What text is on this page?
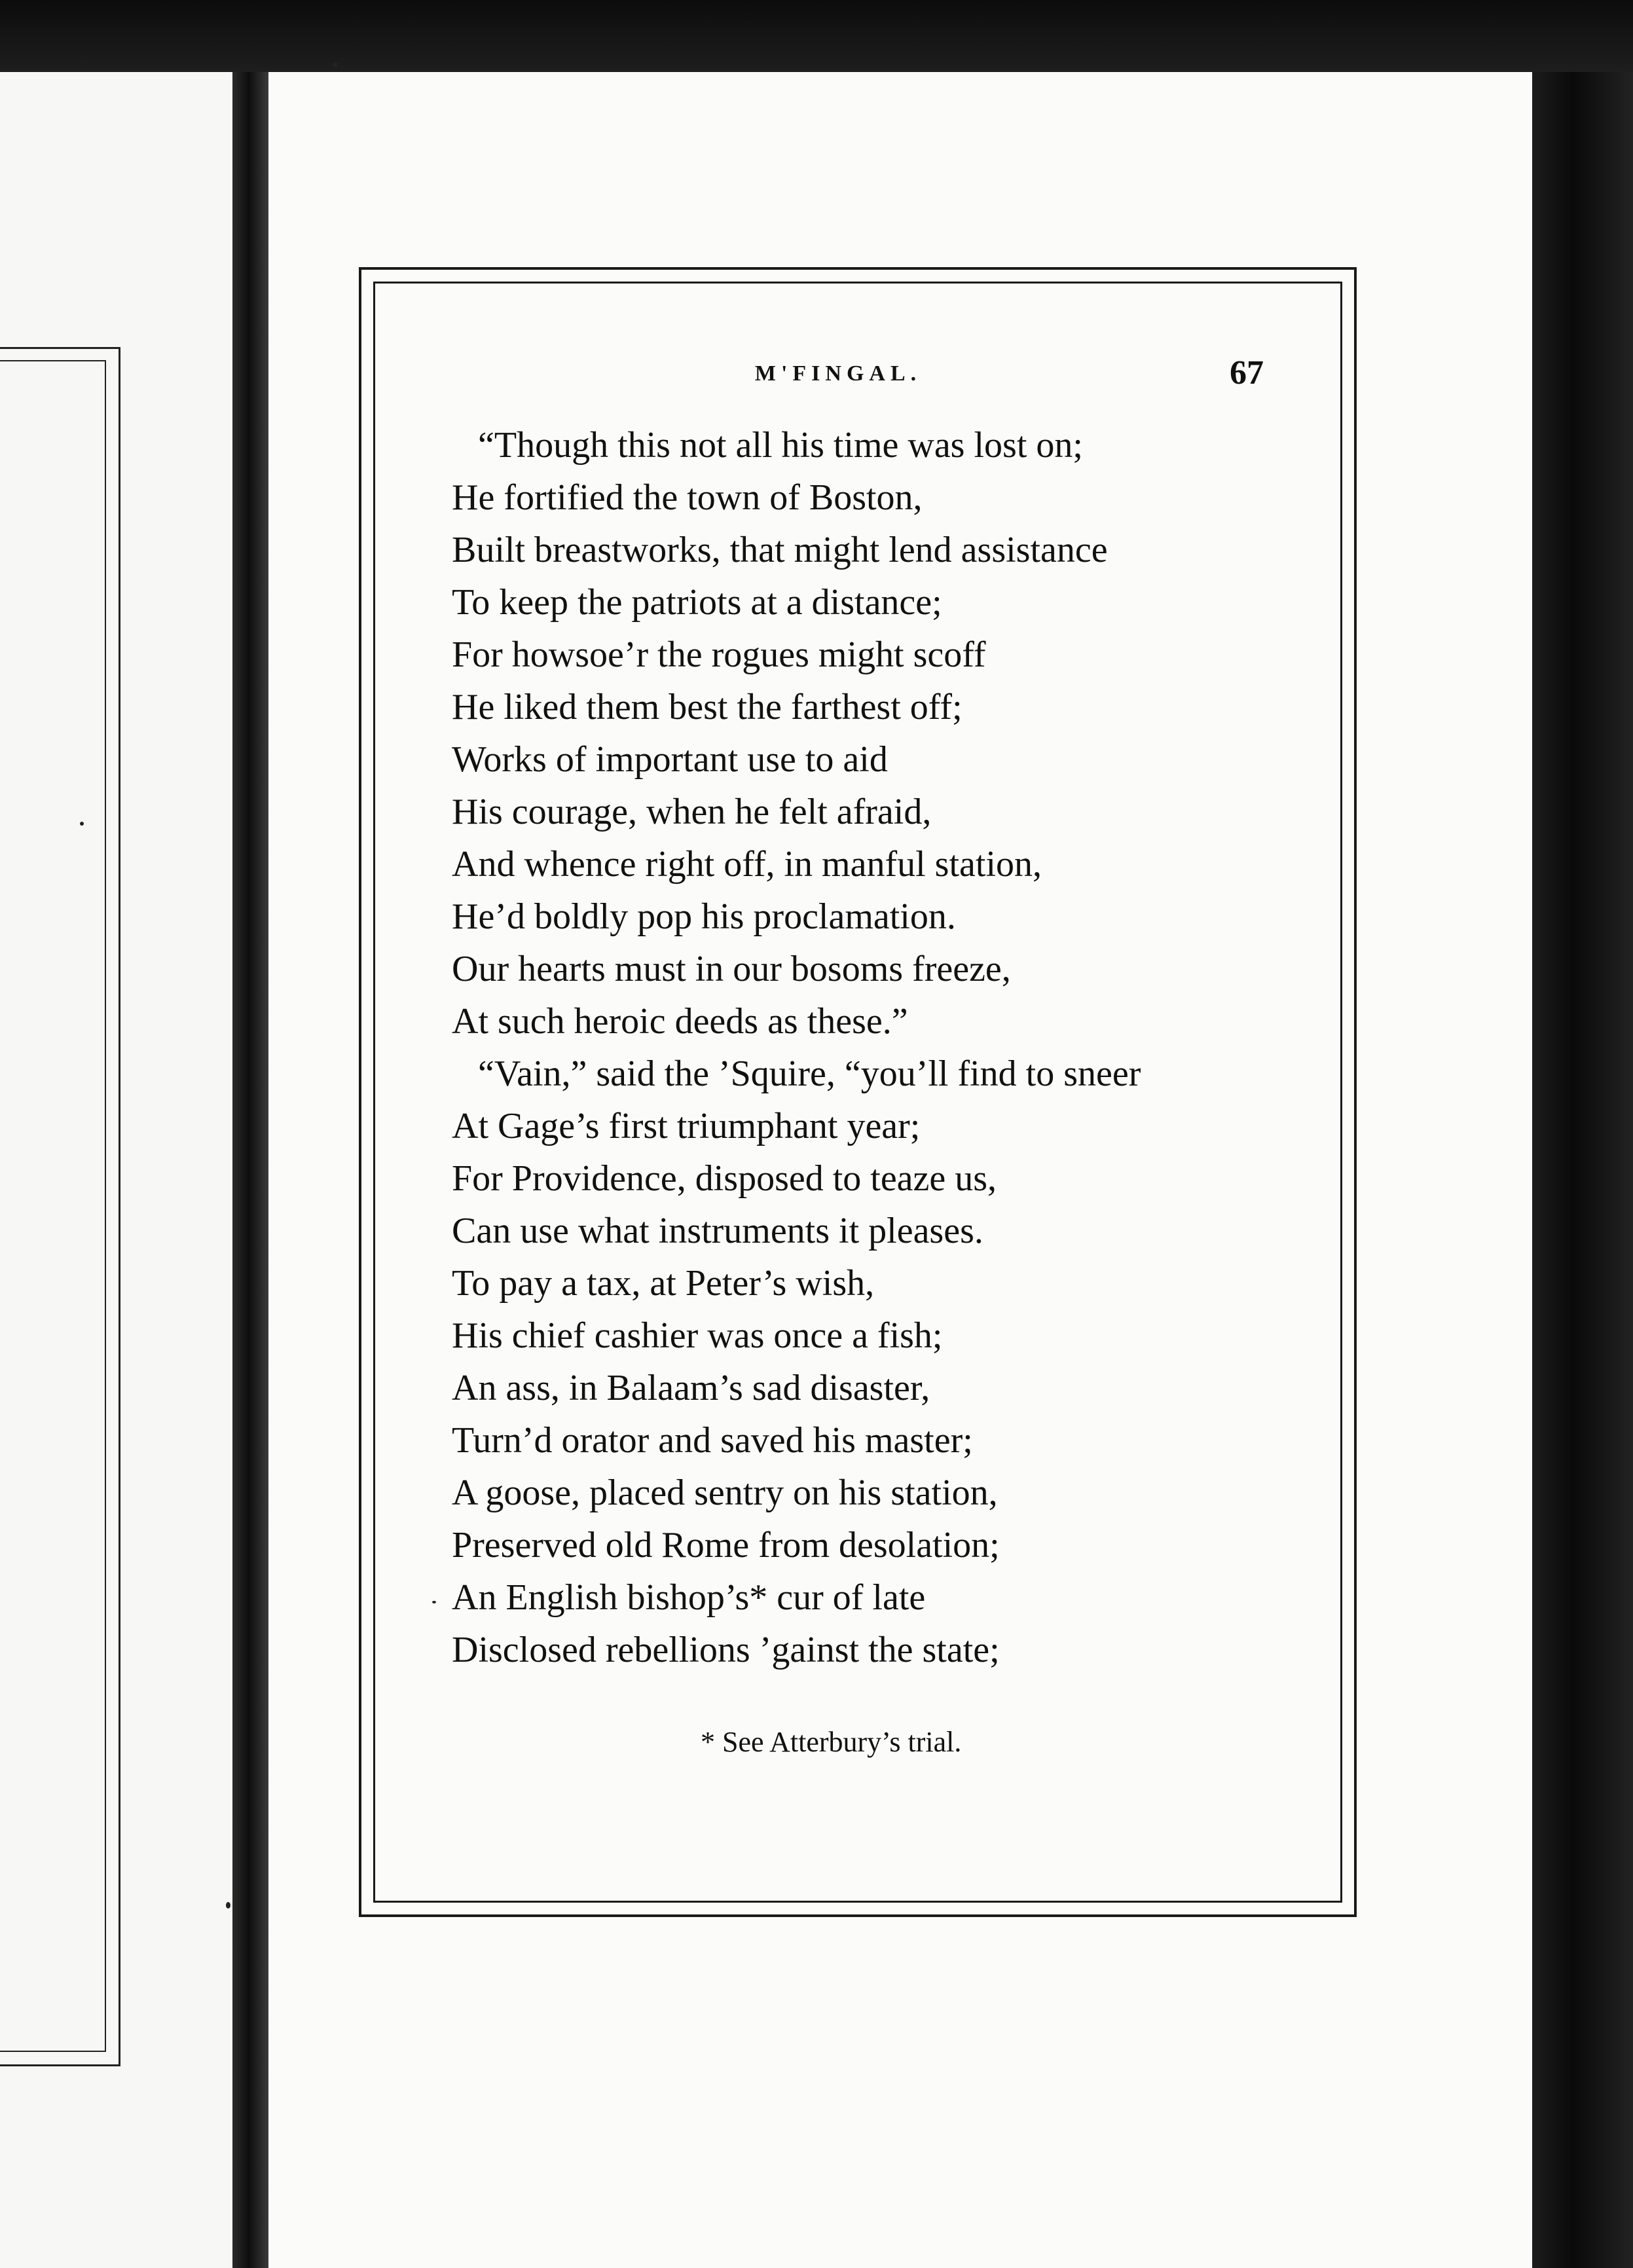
M'FINGAL.	67
“Though this not all his time was lost on;
He fortified the town of Boston,
Built breastworks, that might lend assistance
To keep the patriots at a distance;
For howsoe’r the rogues might scoff
He liked them best the farthest off;
Works of important use to aid
His courage, when he felt afraid,
And whence right off, in manful station,
He’d boldly pop his proclamation.
Our hearts must in our bosoms freeze,
At such heroic deeds as these.”
“Vain,” said the ’Squire, “you’ll find to sneer
At Gage’s first triumphant year;
For Providence, disposed to teaze us,
Can use what instruments it pleases.
To pay a tax, at Peter’s wish,
His chief cashier was once a fish;
An ass, in Balaam’s sad disaster,
Turn’d orator and saved his master;
A goose, placed sentry on his station,
Preserved old Rome from desolation;
An English bishop’s* cur of late
Disclosed rebellions ’gainst the state;
* See Atterbury’s trial.
